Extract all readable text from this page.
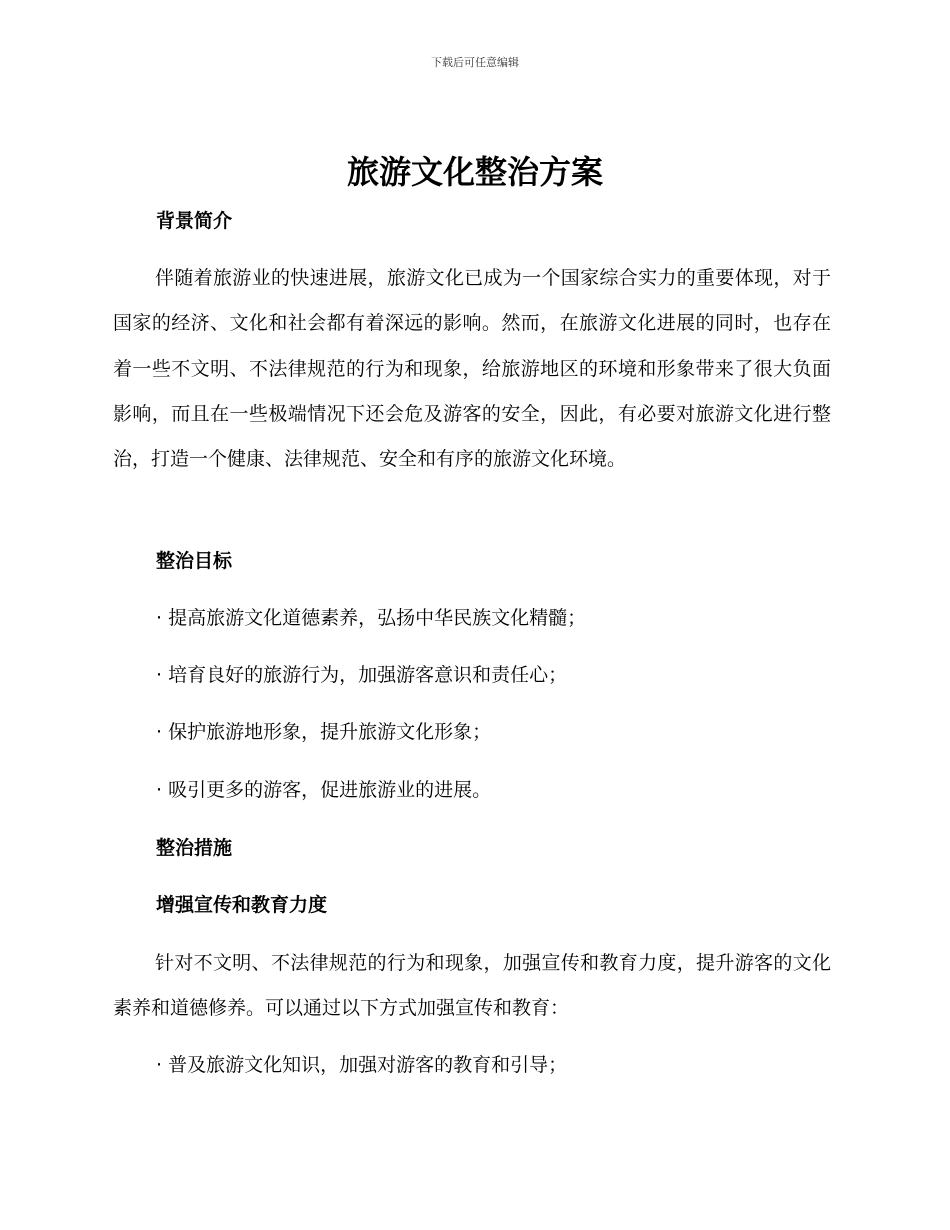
下载后可任意编辑
旅游文化整治方案
背景简介

伴随着旅游业的快速进展，旅游文化已成为一个国家综合实力的重要体现，对于国家的经济、文化和社会都有着深远的影响。然而，在旅游文化进展的同时，也存在着一些不文明、不法律规范的行为和现象，给旅游地区的环境和形象带来了很大负面影响，而且在一些极端情况下还会危及游客的安全，因此，有必要对旅游文化进行整治，打造一个健康、法律规范、安全和有序的旅游文化环境。

整治目标

· 提高旅游文化道德素养，弘扬中华民族文化精髓；

· 培育良好的旅游行为，加强游客意识和责任心；

· 保护旅游地形象，提升旅游文化形象；

· 吸引更多的游客，促进旅游业的进展。

整治措施
增强宣传和教育力度

针对不文明、不法律规范的行为和现象，加强宣传和教育力度，提升游客的文化素养和道德修养。可以通过以下方式加强宣传和教育：

· 普及旅游文化知识，加强对游客的教育和引导；
